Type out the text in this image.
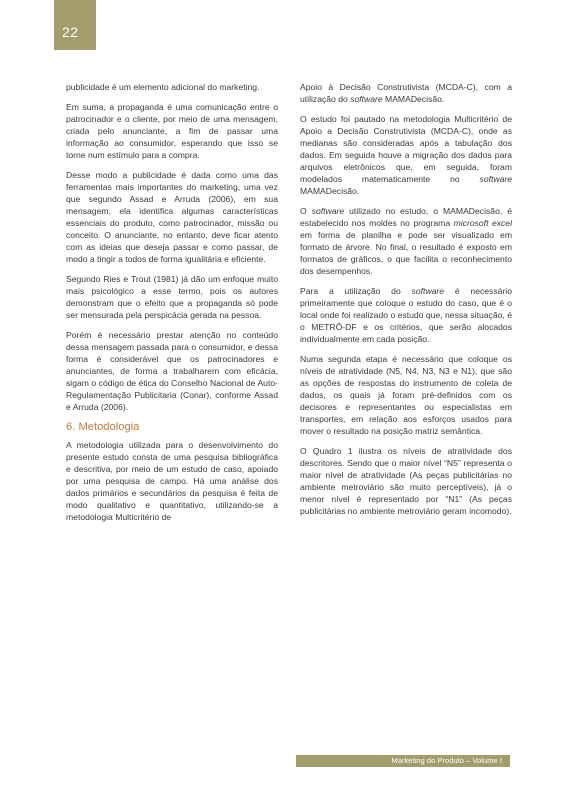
22

publicidade é um elemento adicional do marketing.

Em suma, a propaganda é uma comunicação entre o patrocinador e o cliente, por meio de uma mensagem, criada pelo anunciante, a fim de passar uma informação ao consumidor, esperando que isso se torne num estímulo para a compra.

Desse modo a publicidade é dada como uma das ferramentas mais importantes do marketing, uma vez que segundo Assad e Arruda (2006), em sua mensagem, ela identifica algumas características essenciais do produto, como patrocinador, missão ou conceito. O anunciante, no entanto, deve ficar atento com as ideias que deseja passar e como passar, de modo a tingir a todos de forma igualitária e eficiente.

Segundo Ries e Trout (1981) já dão um enfoque muito mais psicológico a esse termo, pois os autores demonstram que o efeito que a propaganda só pode ser mensurada pela perspicácia gerada na pessoa.

Porém é necessário prestar atenção no conteúdo dessa mensagem passada para o consumidor, e dessa forma é considerável que os patrocinadores e anunciantes, de forma a trabalharem com eficácia, sigam o código de ética do Conselho Nacional de Auto-Regulamentação Publicitaria (Conar), conforme Assad e Arruda (2006).

6. Metodologia

A metodologia utilizada para o desenvolvimento do presente estudo consta de uma pesquisa bibliográfica e descritiva, por meio de um estudo de caso, apoiado por uma pesquisa de campo. Há uma análise dos dados primários e secundários da pesquisa é feita de modo qualitativo e quantitativo, utilizando-se a metodologia Multicritério de

Apoio à Decisão Construtivista (MCDA-C), com a utilização do software MAMADecisão.

O estudo foi pautado na metodologia Multicritério de Apoio a Decisão Construtivista (MCDA-C), onde as medianas são consideradas após a tabulação dos dados. Em seguida houve a migração dos dados para arquivos eletrônicos que, em seguida, foram modelados matematicamente no software MAMADecisão.

O software utilizado no estudo, o MAMADecisão, é estabelecido nos moldes no programa microsoft excel em forma de planilha e pode ser visualizado em formato de árvore. No final, o resultado é exposto em formatos de gráficos, o que facilita o reconhecimento dos desempenhos.

Para a utilização do software é necessário primeiramente que coloque o estudo do caso, que é o local onde foi realizado o estudo que, nessa situação, é o METRÔ-DF e os critérios, que serão alocados individualmente em cada posição.

Numa segunda etapa é necessário que coloque os níveis de atratividade (N5, N4, N3, N3 e N1), que são as opções de respostas do instrumento de coleta de dados, os quais já foram pré-definidos com os decisores e representantes ou especialistas em transportes, em relação aos esforços usados para mover o resultado na posição matriz semântica.

O Quadro 1 ilustra os níveis de atratividade dos descritores. Sendo que o maior nível “N5” representa o maior nível de atratividade (As peças publicitárias no ambiente metroviário são muito perceptíveis), já o menor nível é representado por “N1” (As peças publicitárias no ambiente metroviário geram incomodo).

Marketing do Produto – Volume I
